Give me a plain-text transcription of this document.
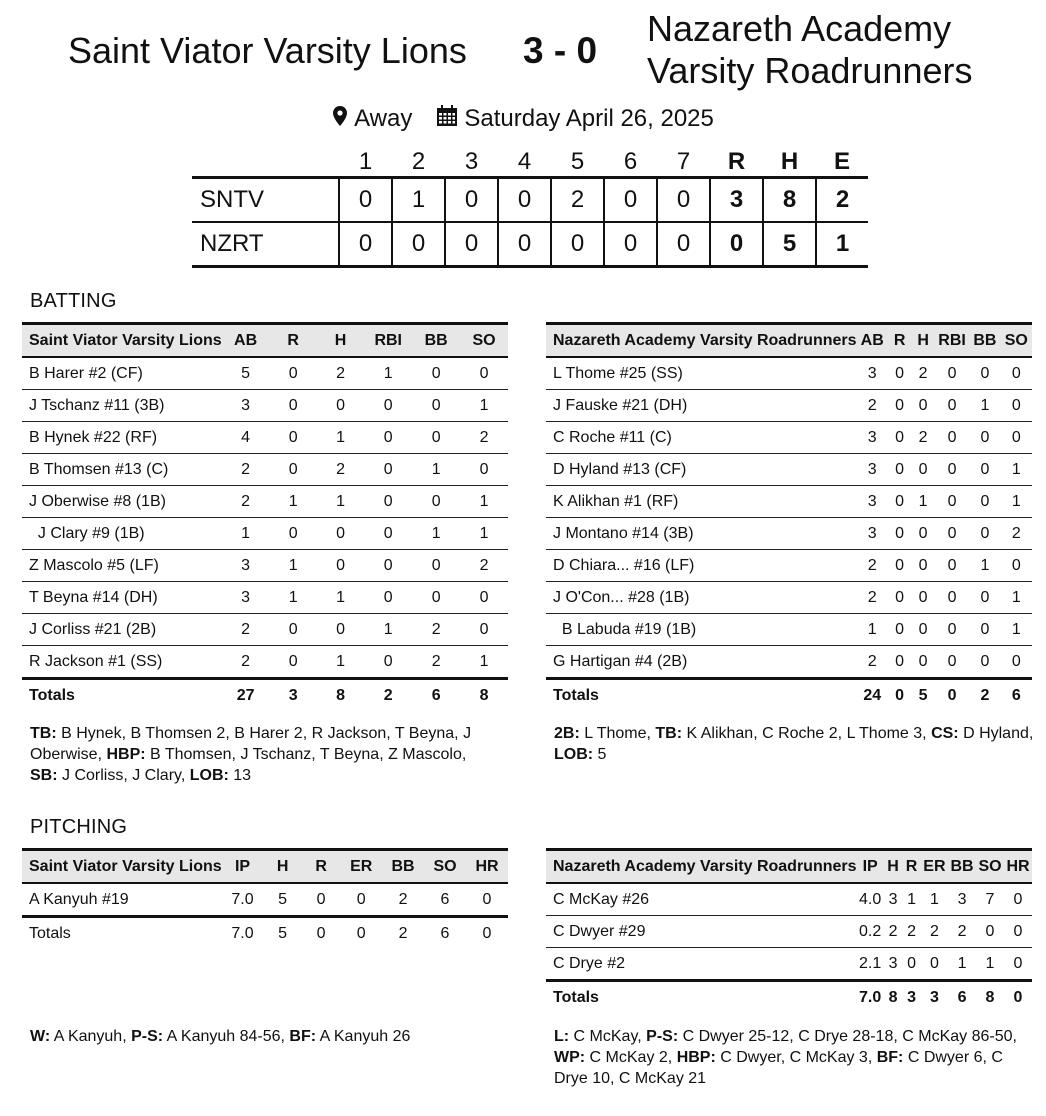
Saint Viator Varsity Lions 3 - 0
Nazareth Academy Varsity Roadrunners
Away Saturday April 26, 2025
	1	2	3	4	5	6	7	R	H	E
SNTV	0	1	0	0	2	0	0	3	8	2
NZRT	0	0	0	0	0	0	0	0	5	1
BATTING
PITCHING
Saint Viator Varsity Lions	AB	R	H	RBI	BB	SO
B Harer #2 (CF)	5	0	2	1	0	0
J Tschanz #11 (3B)	3	0	0	0	0	1
B Hynek #22 (RF)	4	0	1	0	0	2
B Thomsen #13 (C)	2	0	2	0	1	0
J Oberwise #8 (1B)	2	1	1	0	0	1
J Clary #9 (1B)	1	0	0	0	1	1
Z Mascolo #5 (LF)	3	1	0	0	0	2
T Beyna #14 (DH)	3	1	1	0	0	0
J Corliss #21 (2B)	2	0	0	1	2	0
R Jackson #1 (SS)	2	0	1	0	2	1
Totals	27	3	8	2	6	8
Nazareth Academy Varsity Roadrunners	AB	R	H	RBI	BB	SO
L Thome #25 (SS)	3	0	2	0	0	0
J Fauske #21 (DH)	2	0	0	0	1	0
C Roche #11 (C)	3	0	2	0	0	0
D Hyland #13 (CF)	3	0	0	0	0	1
K Alikhan #1 (RF)	3	0	1	0	0	1
J Montano #14 (3B)	3	0	0	0	0	2
D Chiara... #16 (LF)	2	0	0	0	1	0
J O'Con... #28 (1B)	2	0	0	0	0	1
B Labuda #19 (1B)	1	0	0	0	0	1
G Hartigan #4 (2B)	2	0	0	0	0	0
Totals	24	0	5	0	2	6
Saint Viator Varsity Lions	IP	H	R	ER	BB	SO	HR
A Kanyuh #19	7.0	5	0	0	2	6	0
Totals	7.0	5	0	0	2	6	0
Nazareth Academy Varsity Roadrunners	IP	H	R	ER	BB	SO	HR
C McKay #26	4.0	3	1	1	3	7	0
C Dwyer #29	0.2	2	2	2	2	0	0
C Drye #2	2.1	3	0	0	1	1	0
Totals	7.0	8	3	3	6	8	0
TB: B Hynek, B Thomsen 2, B Harer 2, R Jackson, T Beyna, J Oberwise, HBP: B Thomsen, J Tschanz, T Beyna, Z Mascolo, SB: J Corliss, J Clary, LOB: 13
2B: L Thome, TB: K Alikhan, C Roche 2, L Thome 3, CS: D Hyland, LOB: 5
W: A Kanyuh, P-S: A Kanyuh 84-56, BF: A Kanyuh 26	L: C McKay, P-S: C Dwyer 25-12, C Drye 28-18, C McKay 86-50, WP: C McKay 2, HBP: C Dwyer, C McKay 3, BF: C Dwyer 6, C Drye 10, C McKay 21
